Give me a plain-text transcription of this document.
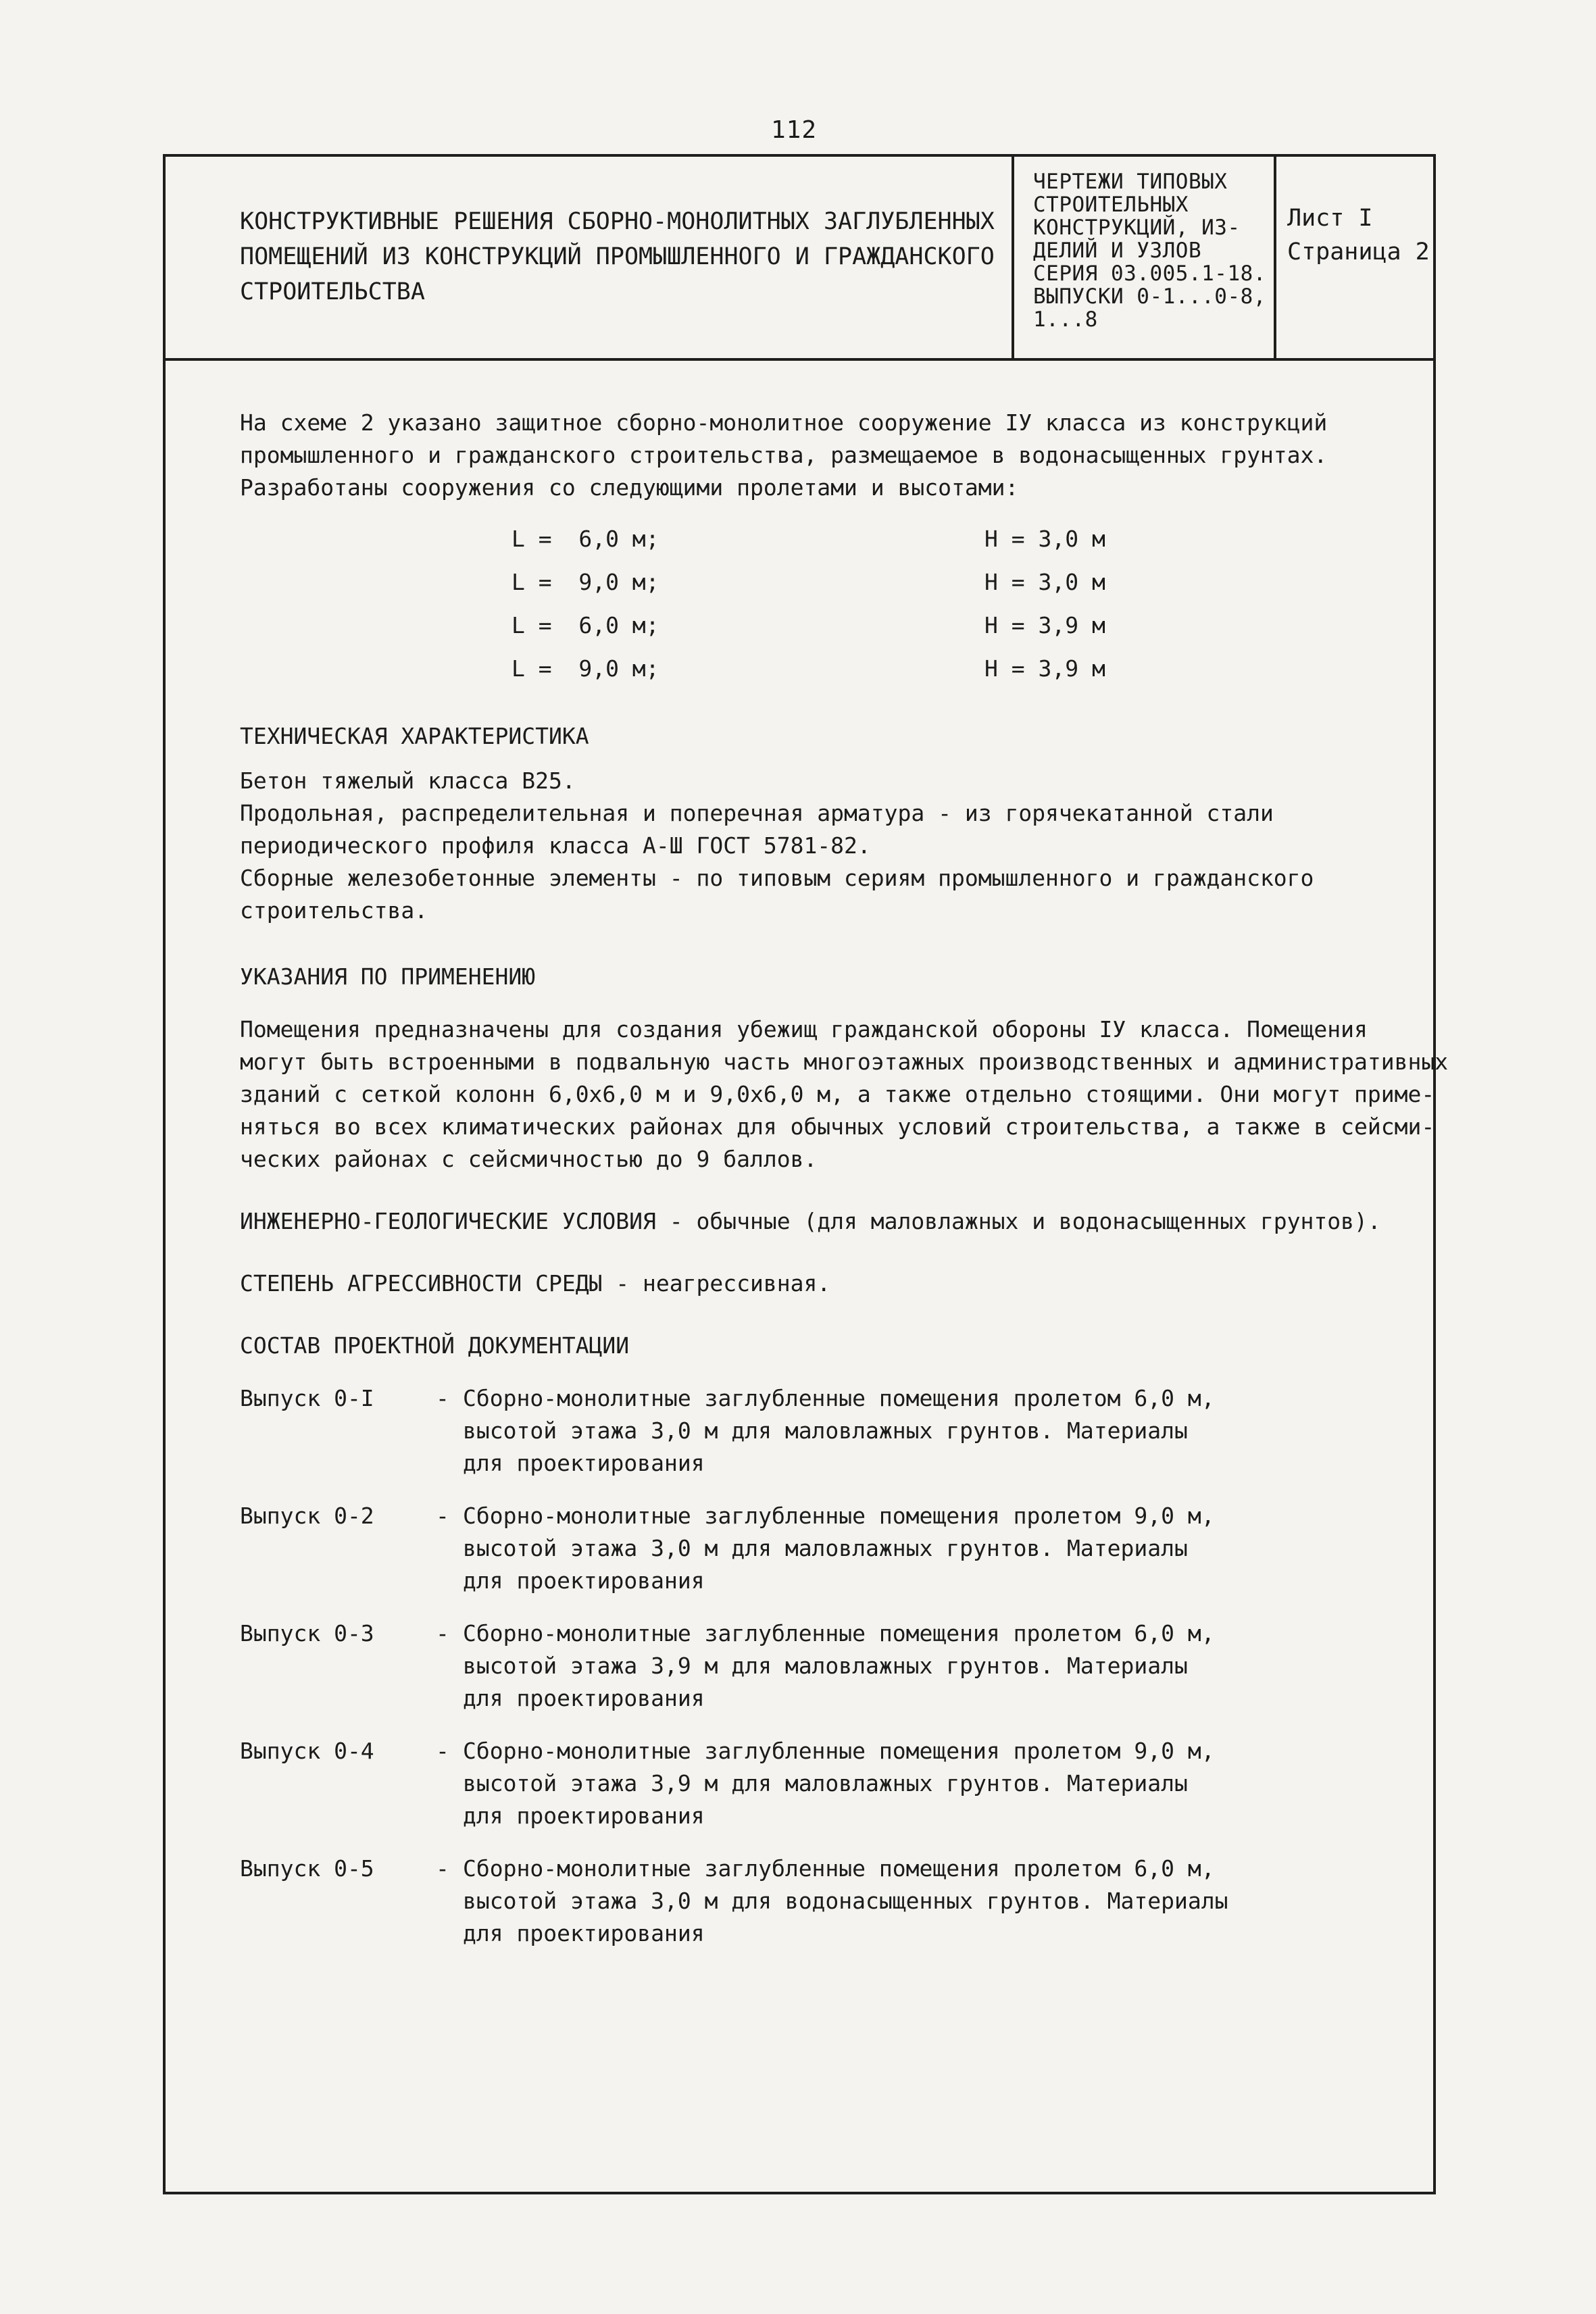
112
КОНСТРУКТИВНЫЕ РЕШЕНИЯ СБОРНО-МОНОЛИТНЫХ ЗАГЛУБЛЕННЫХ
ПОМЕЩЕНИЙ ИЗ КОНСТРУКЦИЙ ПРОМЫШЛЕННОГО И ГРАЖДАНСКОГО
СТРОИТЕЛЬСТВА
ЧЕРТЕЖИ ТИПОВЫХ
СТРОИТЕЛЬНЫХ
КОНСТРУКЦИЙ, ИЗ-
ДЕЛИЙ И УЗЛОВ
СЕРИЯ 03.005.1-18.
ВЫПУСКИ 0-1...0-8,
1...8
Лист I
Страница 2
На схеме 2 указано защитное сборно-монолитное сооружение IУ класса из конструкций
промышленного и гражданского строительства, размещаемое в водонасыщенных грунтах.
Разработаны сооружения со следующими пролетами и высотами:
L =  6,0 м;	H = 3,0 м
L =  9,0 м;	H = 3,0 м
L =  6,0 м;	H = 3,9 м
L =  9,0 м;	H = 3,9 м
ТЕХНИЧЕСКАЯ ХАРАКТЕРИСТИКА
Бетон тяжелый класса В25.
Продольная, распределительная и поперечная арматура - из горячекатанной стали
периодического профиля класса А-Ш ГОСТ 5781-82.
Сборные железобетонные элементы - по типовым сериям промышленного и гражданского
строительства.
УКАЗАНИЯ ПО ПРИМЕНЕНИЮ
Помещения предназначены для создания убежищ гражданской обороны IУ класса. Помещения
могут быть встроенными в подвальную часть многоэтажных производственных и административных
зданий с сеткой колонн 6,0х6,0 м и 9,0х6,0 м, а также отдельно стоящими. Они могут приме-
няться во всех климатических районах для обычных условий строительства, а также в сейсми-
ческих районах с сейсмичностью до 9 баллов.
ИНЖЕНЕРНО-ГЕОЛОГИЧЕСКИЕ УСЛОВИЯ - обычные (для маловлажных и водонасыщенных грунтов).
СТЕПЕНЬ АГРЕССИВНОСТИ СРЕДЫ - неагрессивная.
СОСТАВ ПРОЕКТНОЙ ДОКУМЕНТАЦИИ
Выпуск 0-I	- Сборно-монолитные заглубленные помещения пролетом 6,0 м,
высотой этажа 3,0 м для маловлажных грунтов. Материалы
для проектирования
Выпуск 0-2	- Сборно-монолитные заглубленные помещения пролетом 9,0 м,
высотой этажа 3,0 м для маловлажных грунтов. Материалы
для проектирования
Выпуск 0-3	- Сборно-монолитные заглубленные помещения пролетом 6,0 м,
высотой этажа 3,9 м для маловлажных грунтов. Материалы
для проектирования
Выпуск 0-4	- Сборно-монолитные заглубленные помещения пролетом 9,0 м,
высотой этажа 3,9 м для маловлажных грунтов. Материалы
для проектирования
Выпуск 0-5	- Сборно-монолитные заглубленные помещения пролетом 6,0 м,
высотой этажа 3,0 м для водонасыщенных грунтов. Материалы
для проектирования
